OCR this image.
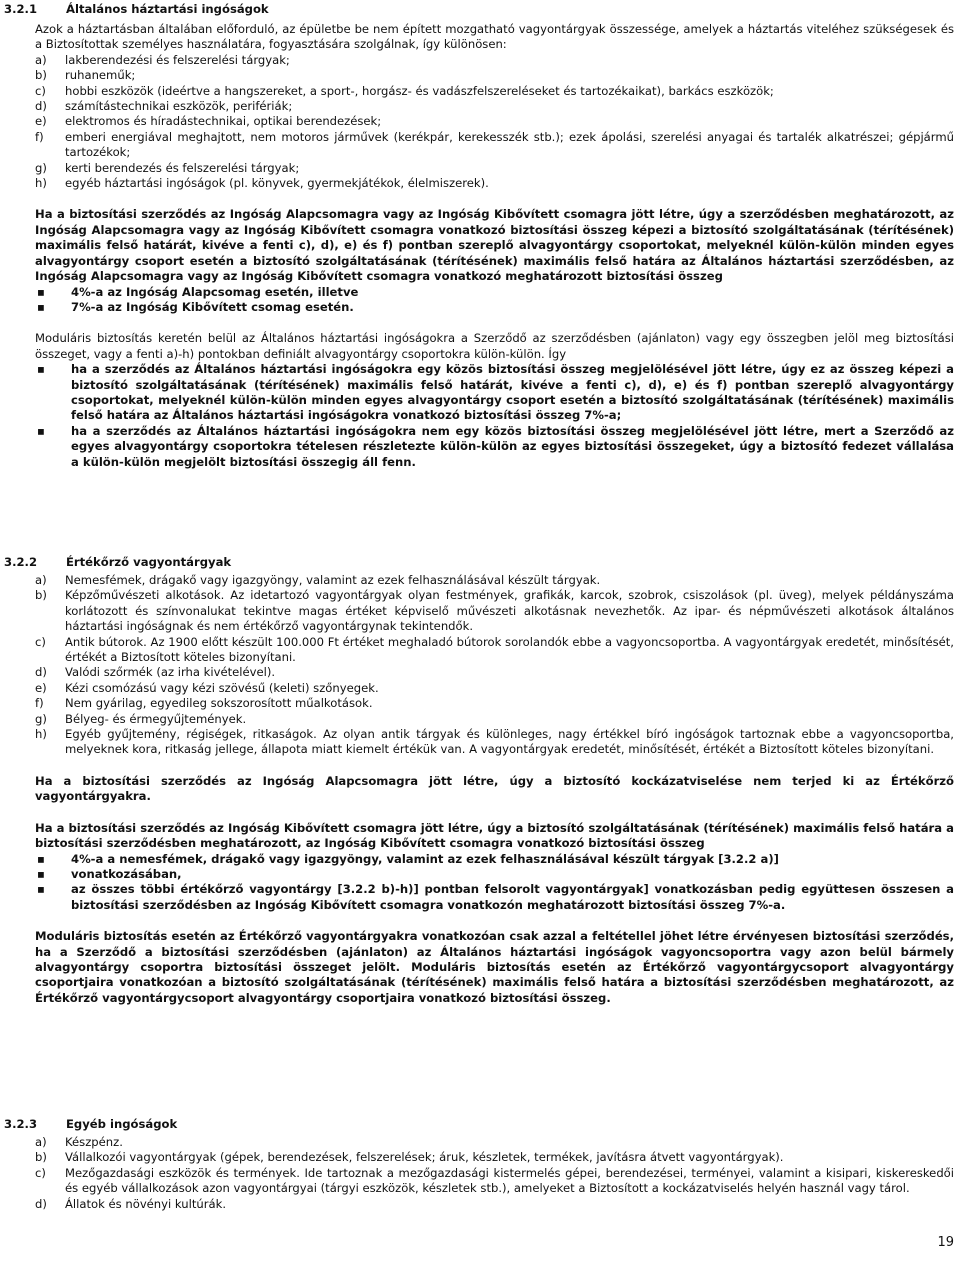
3.2.1 Általános háztartási ingóságok
Azok a háztartásban általában előforduló, az épületbe be nem épített mozgatható vagyontárgyak összessége, amelyek a háztartás viteléhez szükségesek és a Biztosítottak személyes használatára, fogyasztására szolgálnak, így különösen:
a) lakberendezési és felszerelési tárgyak;
b) ruhaneműk;
c) hobbi eszközök (ideértve a hangszereket, a sport-, horgász- és vadászfelszereléseket és tartozékaikat), barkács eszközök;
d) számítástechnikai eszközök, perifériák;
e) elektromos és híradástechnikai, optikai berendezések;
f) emberi energiával meghajtott, nem motoros járművek (kerékpár, kerekesszék stb.); ezek ápolási, szerelési anyagai és tartalék alkatrészei; gépjármű tartozékok;
g) kerti berendezés és felszerelési tárgyak;
h) egyéb háztartási ingóságok (pl. könyvek, gyermekjátékok, élelmiszerek).
Ha a biztosítási szerződés az Ingóság Alapcsomagra vagy az Ingóság Kibővített csomagra jött létre, úgy a szerződésben meghatározott, az Ingóság Alapcsomagra vagy az Ingóság Kibővített csomagra vonatkozó biztosítási összeg képezi a biztosító szolgáltatásának (térítésének) maximális felső határát, kivéve a fenti c), d), e) és f) pontban szereplő alvagyontárgy csoportokat, melyeknél külön-külön minden egyes alvagyontárgy csoport esetén a biztosító szolgáltatásának (térítésének) maximális felső határa az Általános háztartási szerződésben, az Ingóság Alapcsomagra vagy az Ingóság Kibővített csomagra vonatkozó meghatározott biztosítási összeg
▪ 4%-a az Ingóság Alapcsomag esetén, illetve
▪ 7%-a az Ingóság Kibővített csomag esetén.
Moduláris biztosítás keretén belül az Általános háztartási ingóságokra a Szerződő az szerződésben (ajánlaton) vagy egy összegben jelöl meg biztosítási összeget, vagy a fenti a)-h) pontokban definiált alvagyontárgy csoportokra külön-külön. Így
▪ ha a szerződés az Általános háztartási ingóságokra egy közös biztosítási összeg megjelölésével jött létre, úgy ez az összeg képezi a biztosító szolgáltatásának (térítésének) maximális felső határát, kivéve a fenti c), d), e) és f) pontban szereplő alvagyontárgy csoportokat, melyeknél külön-külön minden egyes alvagyontárgy csoport esetén a biztosító szolgáltatásának (térítésének) maximális felső határa az Általános háztartási ingóságokra vonatkozó biztosítási összeg 7%-a;
▪ ha a szerződés az Általános háztartási ingóságokra nem egy közös biztosítási összeg megjelölésével jött létre, mert a Szerződő az egyes alvagyontárgy csoportokra tételesen részletezte külön-külön az egyes biztosítási összegeket, úgy a biztosító fedezet vállalása a külön-külön megjelölt biztosítási összegig áll fenn.
3.2.2 Értékőrző vagyontárgyak
a) Nemesfémek, drágakő vagy igazgyöngy, valamint az ezek felhasználásával készült tárgyak.
b) Képzőművészeti alkotások. Az idetartozó vagyontárgyak olyan festmények, grafikák, karcok, szobrok, csiszolások (pl. üveg), melyek példányszáma korlátozott és színvonalukat tekintve magas értéket képviselő művészeti alkotásnak nevezhetők. Az ipar- és népművészeti alkotások általános háztartási ingóságnak és nem értékőrző vagyontárgynak tekintendők.
c) Antik bútorok. Az 1900 előtt készült 100.000 Ft értéket meghaladó bútorok sorolandók ebbe a vagyoncsoportba. A vagyontárgyak eredetét, minősítését, értékét a Biztosított köteles bizonyítani.
d) Valódi szőrmék (az irha kivételével).
e) Kézi csomózású vagy kézi szövésű (keleti) szőnyegek.
f) Nem gyárilag, egyedileg sokszorosított műalkotások.
g) Bélyeg- és érmegyűjtemények.
h) Egyéb gyűjtemény, régiségek, ritkaságok. Az olyan antik tárgyak és különleges, nagy értékkel bíró ingóságok tartoznak ebbe a vagyoncsoportba, melyeknek kora, ritkaság jellege, állapota miatt kiemelt értékük van. A vagyontárgyak eredetét, minősítését, értékét a Biztosított köteles bizonyítani.
Ha a biztosítási szerződés az Ingóság Alapcsomagra jött létre, úgy a biztosító kockázatviselése nem terjed ki az Értékőrző vagyontárgyakra.
Ha a biztosítási szerződés az Ingóság Kibővített csomagra jött létre, úgy a biztosító szolgáltatásának (térítésének) maximális felső határa a biztosítási szerződésben meghatározott, az Ingóság Kibővített csomagra vonatkozó biztosítási összeg
▪ 4%-a a nemesfémek, drágakő vagy igazgyöngy, valamint az ezek felhasználásával készült tárgyak [3.2.2 a)]
▪ vonatkozásában,
▪ az összes többi értékőrző vagyontárgy [3.2.2 b)-h)] pontban felsorolt vagyontárgyak] vonatkozásban pedig együttesen összesen a biztosítási szerződésben az Ingóság Kibővített csomagra vonatkozón meghatározott biztosítási összeg 7%-a.
Moduláris biztosítás esetén az Értékőrző vagyontárgyakra vonatkozóan csak azzal a feltétellel jöhet létre érvényesen biztosítási szerződés, ha a Szerződő a biztosítási szerződésben (ajánlaton) az Általános háztartási ingóságok vagyoncsoportra vagy azon belül bármely alvagyontárgy csoportra biztosítási összeget jelölt. Moduláris biztosítás esetén az Értékőrző vagyontárgycsoport alvagyontárgy csoportjaira vonatkozóan a biztosító szolgáltatásának (térítésének) maximális felső határa a biztosítási szerződésben meghatározott, az Értékőrző vagyontárgycsoport alvagyontárgy csoportjaira vonatkozó biztosítási összeg.
3.2.3 Egyéb ingóságok
a) Készpénz.
b) Vállalkozói vagyontárgyak (gépek, berendezések, felszerelések; áruk, készletek, termékek, javításra átvett vagyontárgyak).
c) Mezőgazdasági eszközök és termények. Ide tartoznak a mezőgazdasági kistermelés gépei, berendezései, terményei, valamint a kisipari, kiskereskedői és egyéb vállalkozások azon vagyontárgyai (tárgyi eszközök, készletek stb.), amelyeket a Biztosított a kockázatviselés helyén használ vagy tárol.
d) Állatok és növényi kultúrák.
19
